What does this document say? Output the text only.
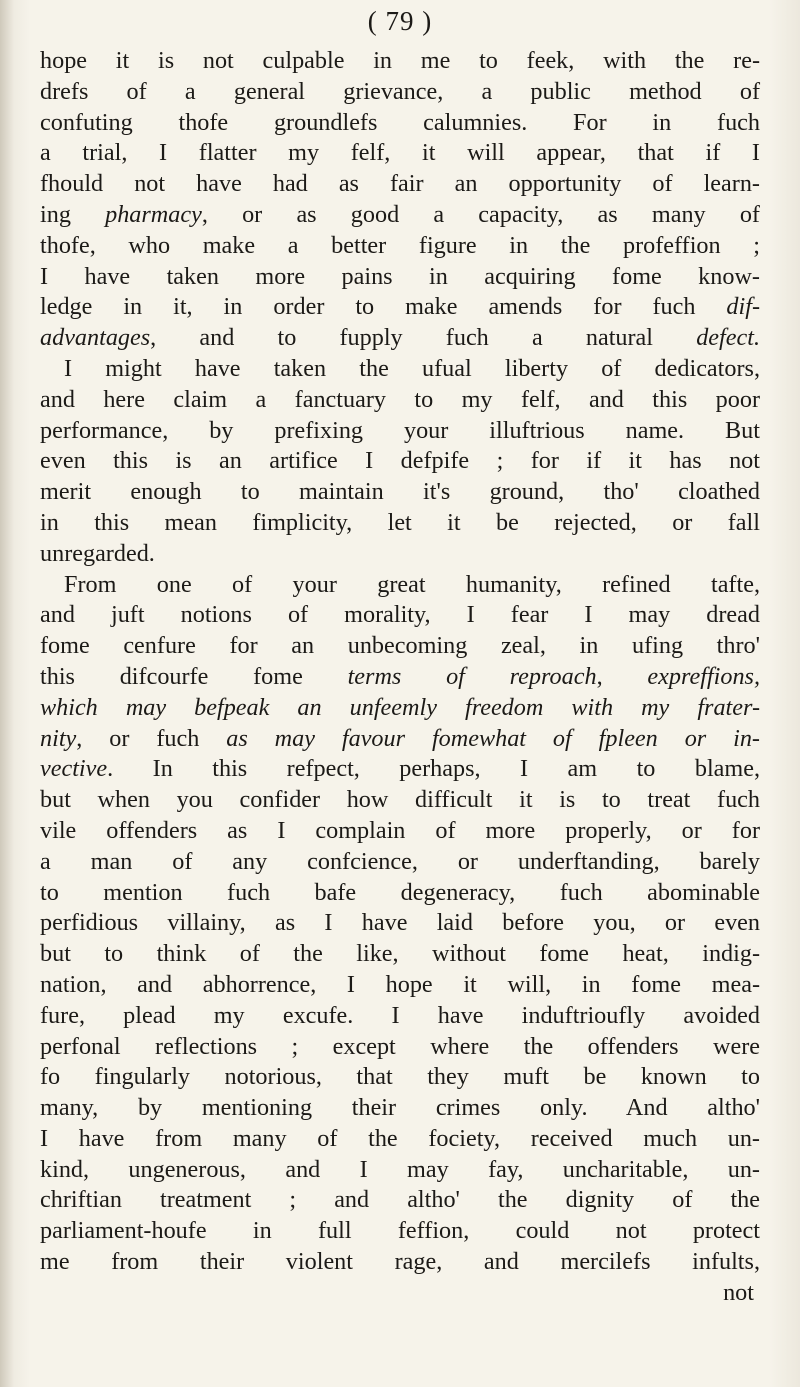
( 79 )
hope it is not culpable in me to feek, with the re-
drefs of a general grievance, a public method of
confuting thofe groundlefs calumnies. For in fuch
a trial, I flatter my felf, it will appear, that if I
fhould not have had as fair an opportunity of learn-
ing pharmacy, or as good a capacity, as many of
thofe, who make a better figure in the profeffion ;
I have taken more pains in acquiring fome know-
ledge in it, in order to make amends for fuch dif-
advantages, and to fupply fuch a natural defect.
I might have taken the ufual liberty of dedicators,
and here claim a fanctuary to my felf, and this poor
performance, by prefixing your illuftrious name. But
even this is an artifice I defpife ; for if it has not
merit enough to maintain it's ground, tho' cloathed
in this mean fimplicity, let it be rejected, or fall
unregarded.
From one of your great humanity, refined tafte,
and juft notions of morality, I fear I may dread
fome cenfure for an unbecoming zeal, in ufing thro'
this difcourfe fome terms of reproach, expreffions,
which may befpeak an unfeemly freedom with my frater-
nity, or fuch as may favour fomewhat of fpleen or in-
vective. In this refpect, perhaps, I am to blame,
but when you confider how difficult it is to treat fuch
vile offenders as I complain of more properly, or for
a man of any confcience, or underftanding, barely
to mention fuch bafe degeneracy, fuch abominable
perfidious villainy, as I have laid before you, or even
but to think of the like, without fome heat, indig-
nation, and abhorrence, I hope it will, in fome mea-
fure, plead my excufe. I have induftrioufly avoided
perfonal reflections ; except where the offenders were
fo fingularly notorious, that they muft be known to
many, by mentioning their crimes only. And altho'
I have from many of the fociety, received much un-
kind, ungenerous, and I may fay, uncharitable, un-
chriftian treatment ; and altho' the dignity of the
parliament-houfe in full feffion, could not protect
me from their violent rage, and mercilefs infults,
not
